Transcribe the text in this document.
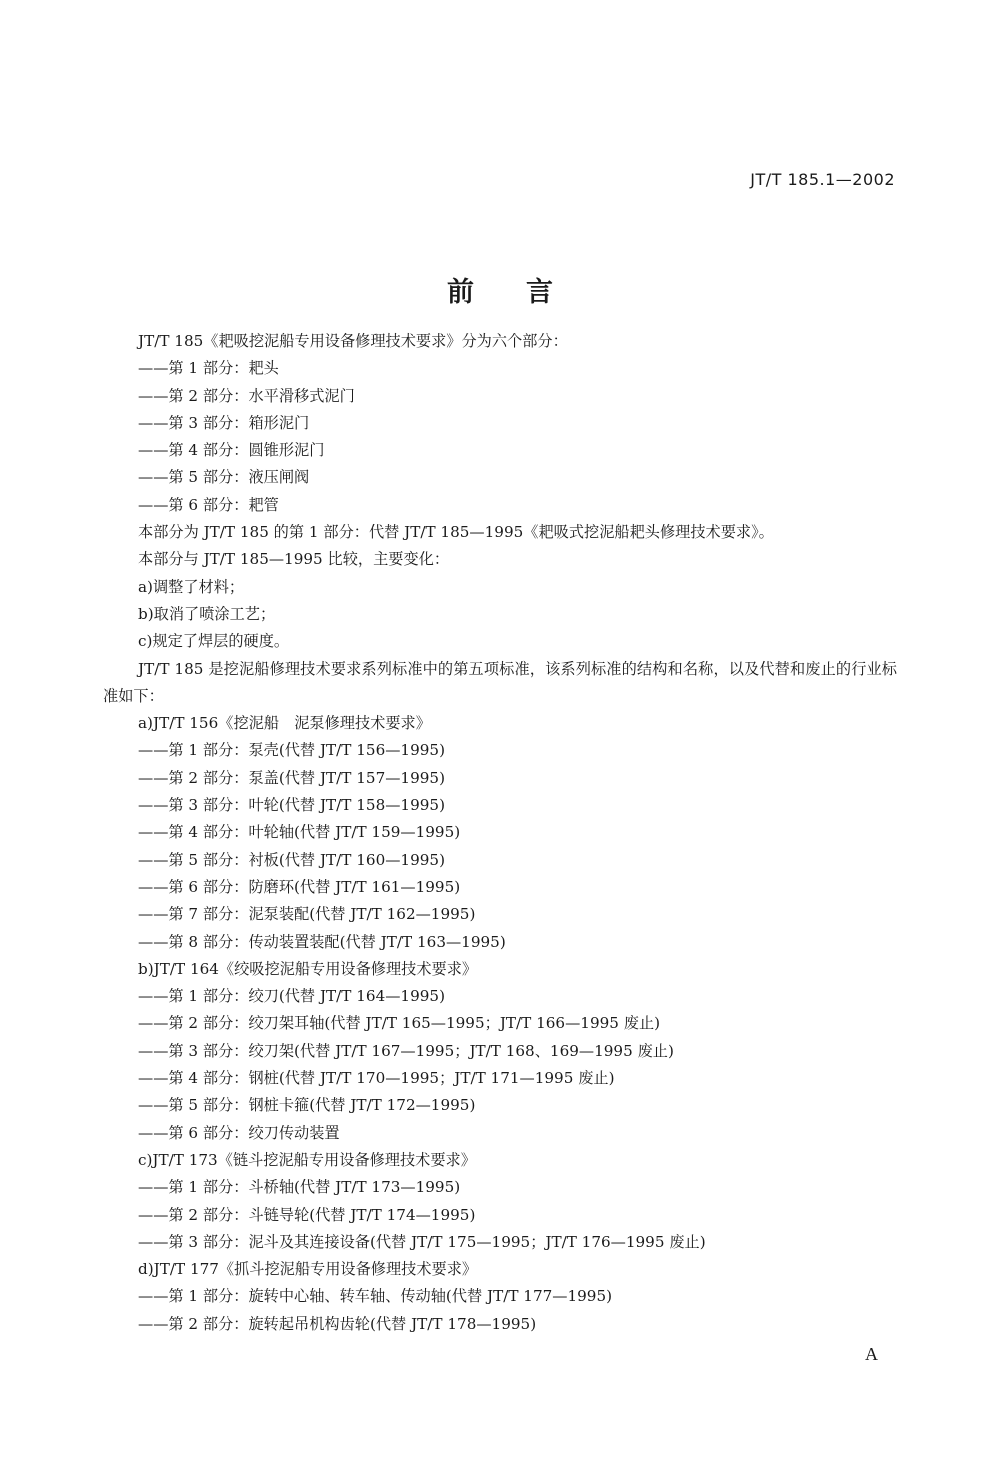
JT/T 185.1—2002
前言
JT/T 185《耙吸挖泥船专用设备修理技术要求》分为六个部分：
——第 1 部分：耙头
——第 2 部分：水平滑移式泥门
——第 3 部分：箱形泥门
——第 4 部分：圆锥形泥门
——第 5 部分：液压闸阀
——第 6 部分：耙管
本部分为 JT/T 185 的第 1 部分：代替 JT/T 185—1995《耙吸式挖泥船耙头修理技术要求》。
本部分与 JT/T 185—1995 比较，主要变化：
a)调整了材料；
b)取消了喷涂工艺；
c)规定了焊层的硬度。
JT/T 185 是挖泥船修理技术要求系列标准中的第五项标准，该系列标准的结构和名称，以及代替和废止的行业标准如下：
a)JT/T 156《挖泥船　泥泵修理技术要求》
——第 1 部分：泵壳(代替 JT/T 156—1995)
——第 2 部分：泵盖(代替 JT/T 157—1995)
——第 3 部分：叶轮(代替 JT/T 158—1995)
——第 4 部分：叶轮轴(代替 JT/T 159—1995)
——第 5 部分：衬板(代替 JT/T 160—1995)
——第 6 部分：防磨环(代替 JT/T 161—1995)
——第 7 部分：泥泵装配(代替 JT/T 162—1995)
——第 8 部分：传动装置装配(代替 JT/T 163—1995)
b)JT/T 164《绞吸挖泥船专用设备修理技术要求》
——第 1 部分：绞刀(代替 JT/T 164—1995)
——第 2 部分：绞刀架耳轴(代替 JT/T 165—1995；JT/T 166—1995 废止)
——第 3 部分：绞刀架(代替 JT/T 167—1995；JT/T 168、169—1995 废止)
——第 4 部分：钢桩(代替 JT/T 170—1995；JT/T 171—1995 废止)
——第 5 部分：钢桩卡箍(代替 JT/T 172—1995)
——第 6 部分：绞刀传动装置
c)JT/T 173《链斗挖泥船专用设备修理技术要求》
——第 1 部分：斗桥轴(代替 JT/T 173—1995)
——第 2 部分：斗链导轮(代替 JT/T 174—1995)
——第 3 部分：泥斗及其连接设备(代替 JT/T 175—1995；JT/T 176—1995 废止)
d)JT/T 177《抓斗挖泥船专用设备修理技术要求》
——第 1 部分：旋转中心轴、转车轴、传动轴(代替 JT/T 177—1995)
——第 2 部分：旋转起吊机构齿轮(代替 JT/T 178—1995)
A
